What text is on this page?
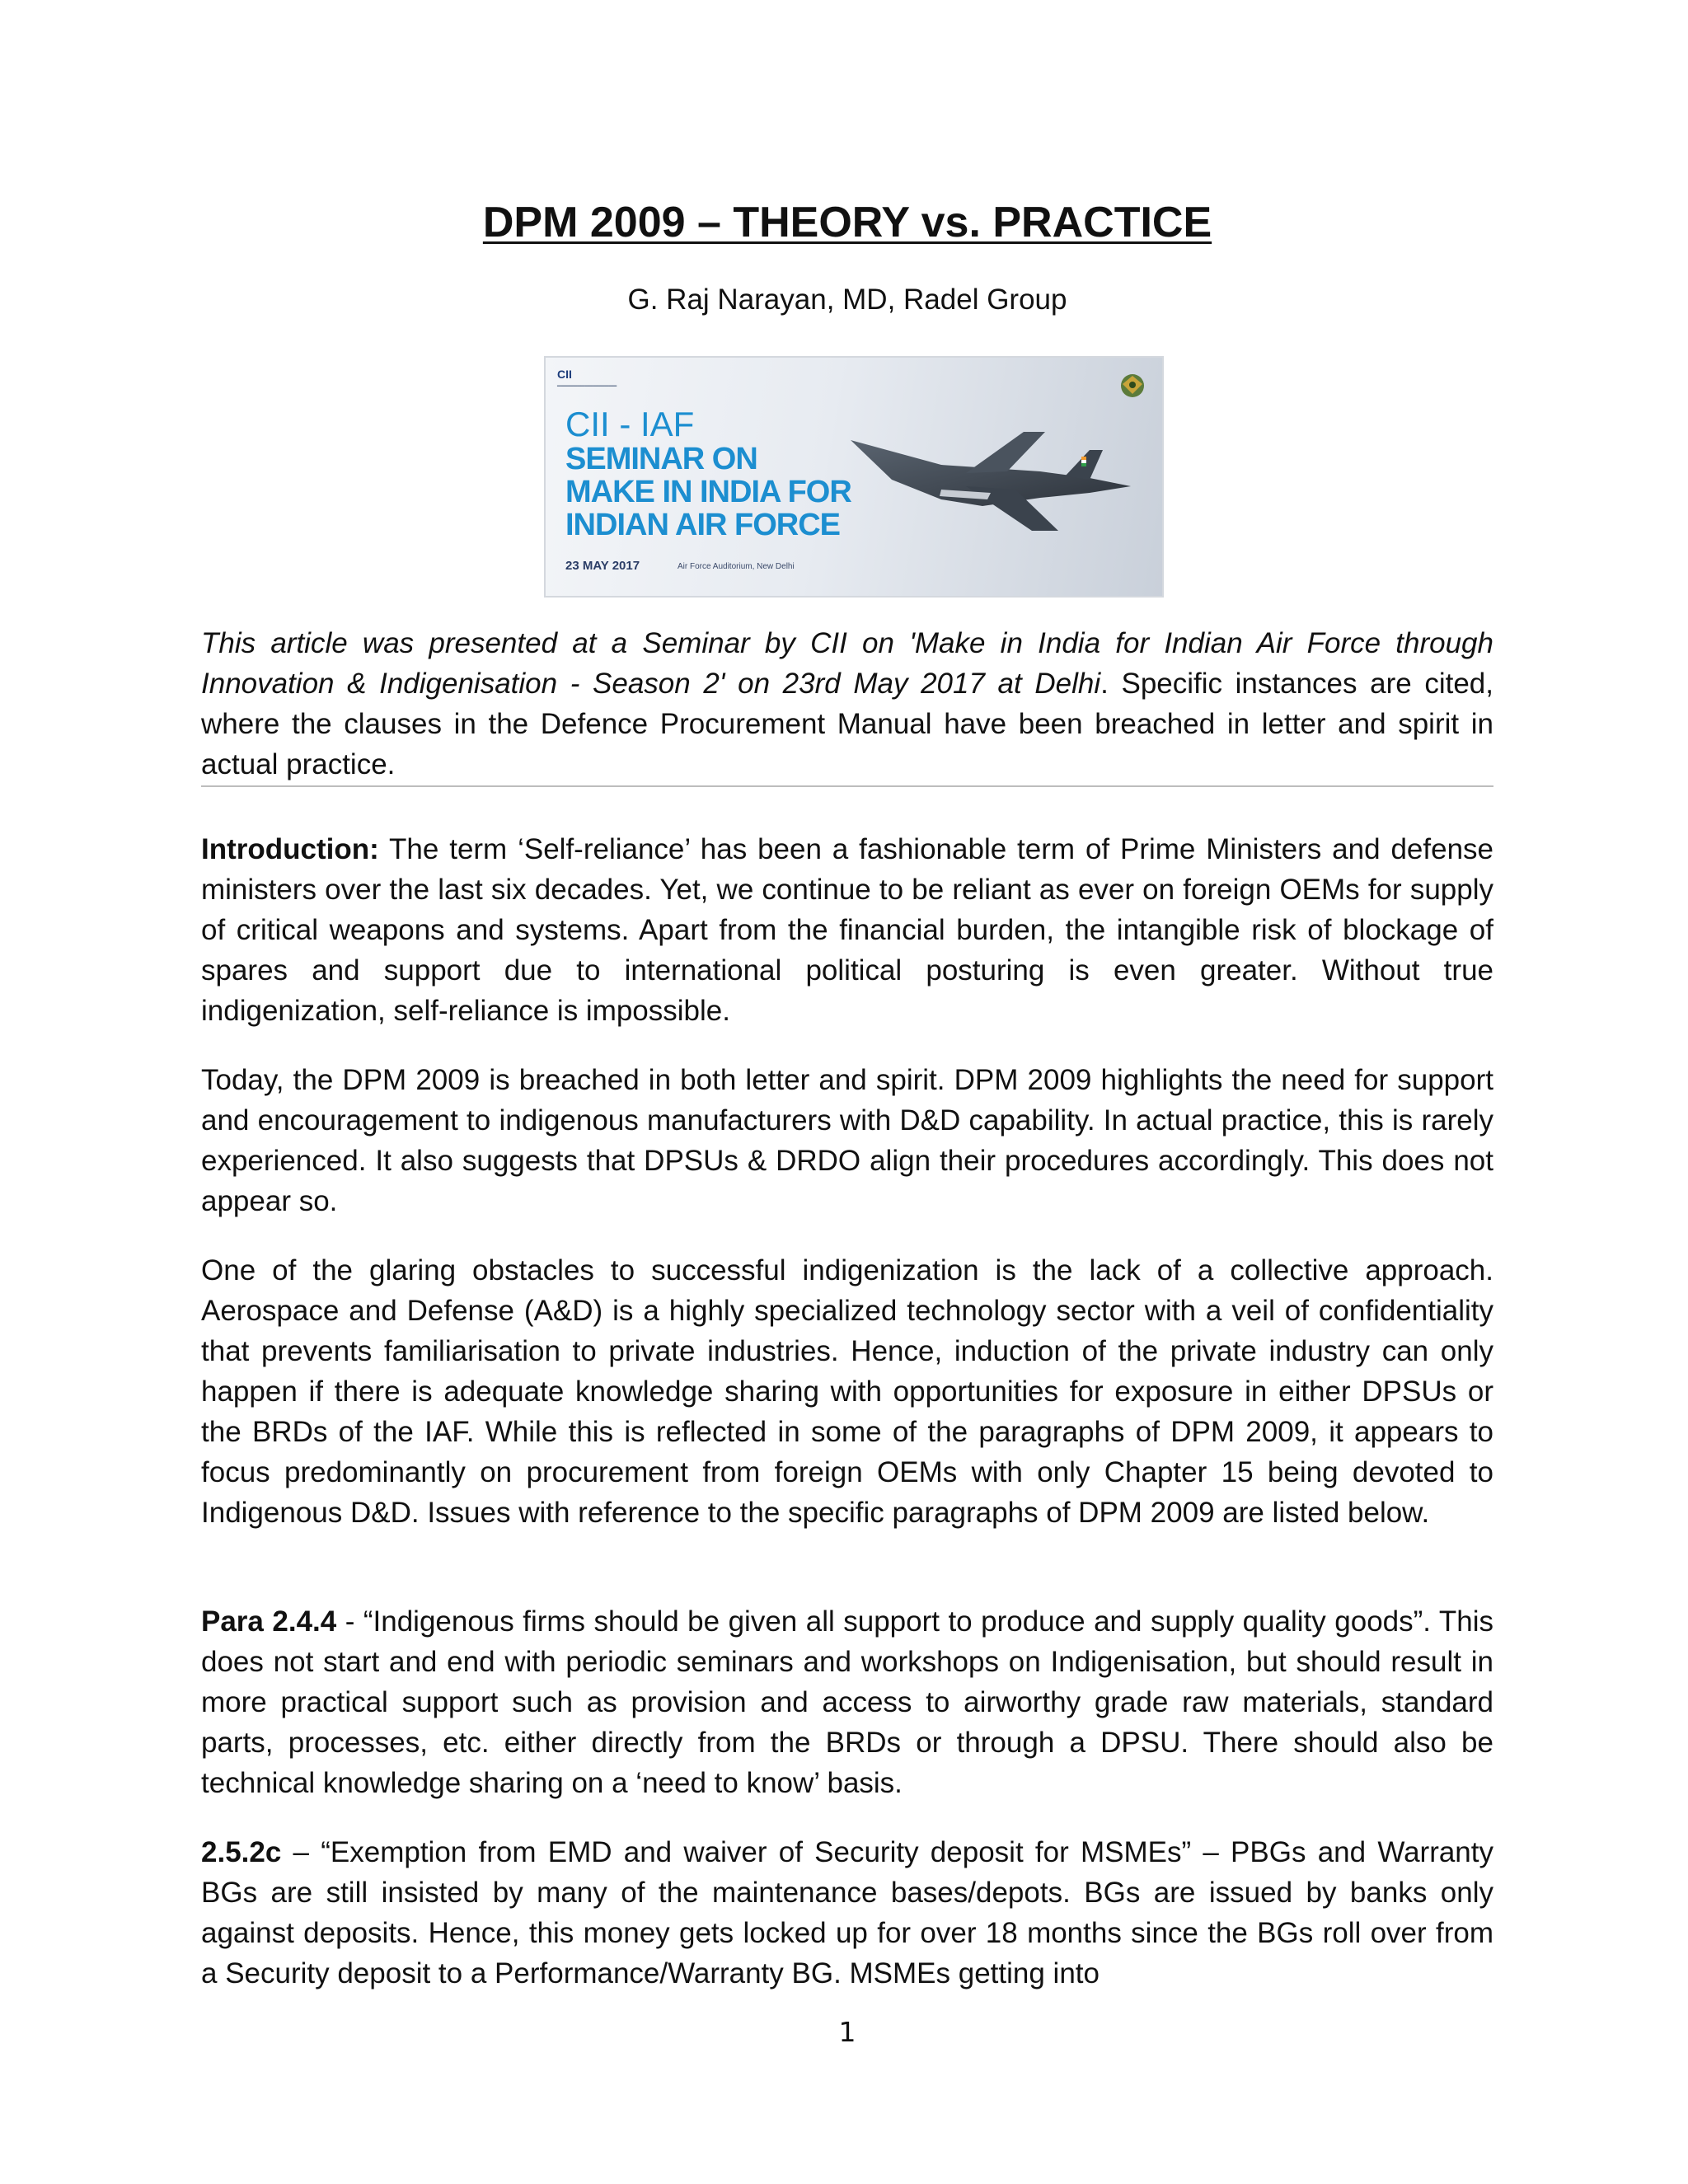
DPM 2009 – THEORY vs. PRACTICE

G. Raj Narayan, MD, Radel Group

CII
━━━━━━━━━━━━━━━
CII - IAF
SEMINAR ON
MAKE IN INDIA FOR
INDIAN AIR FORCE
23 MAY 2017	Air Force Auditorium, New Delhi

This article was presented at a Seminar by CII on 'Make in India for Indian Air Force through Innovation & Indigenisation - Season 2' on 23rd May 2017 at Delhi. Specific instances are cited, where the clauses in the Defence Procurement Manual have been breached in letter and spirit in actual practice.

Introduction: The term ‘Self-reliance’ has been a fashionable term of Prime Ministers and defense ministers over the last six decades. Yet, we continue to be reliant as ever on foreign OEMs for supply of critical weapons and systems. Apart from the financial burden, the intangible risk of blockage of spares and support due to international political posturing is even greater. Without true indigenization, self-reliance is impossible.

Today, the DPM 2009 is breached in both letter and spirit. DPM 2009 highlights the need for support and encouragement to indigenous manufacturers with D&D capability. In actual practice, this is rarely experienced. It also suggests that DPSUs & DRDO align their procedures accordingly. This does not appear so.

One of the glaring obstacles to successful indigenization is the lack of a collective approach. Aerospace and Defense (A&D) is a highly specialized technology sector with a veil of confidentiality that prevents familiarisation to private industries. Hence, induction of the private industry can only happen if there is adequate knowledge sharing with opportunities for exposure in either DPSUs or the BRDs of the IAF. While this is reflected in some of the paragraphs of DPM 2009, it appears to focus predominantly on procurement from foreign OEMs with only Chapter 15 being devoted to Indigenous D&D. Issues with reference to the specific paragraphs of DPM 2009 are listed below.

Para 2.4.4 - “Indigenous firms should be given all support to produce and supply quality goods”. This does not start and end with periodic seminars and workshops on Indigenisation, but should result in more practical support such as provision and access to airworthy grade raw materials, standard parts, processes, etc. either directly from the BRDs or through a DPSU. There should also be technical knowledge sharing on a ‘need to know’ basis.

2.5.2c – “Exemption from EMD and waiver of Security deposit for MSMEs” – PBGs and Warranty BGs are still insisted by many of the maintenance bases/depots. BGs are issued by banks only against deposits. Hence, this money gets locked up for over 18 months since the BGs roll over from a Security deposit to a Performance/Warranty BG. MSMEs getting into

1
